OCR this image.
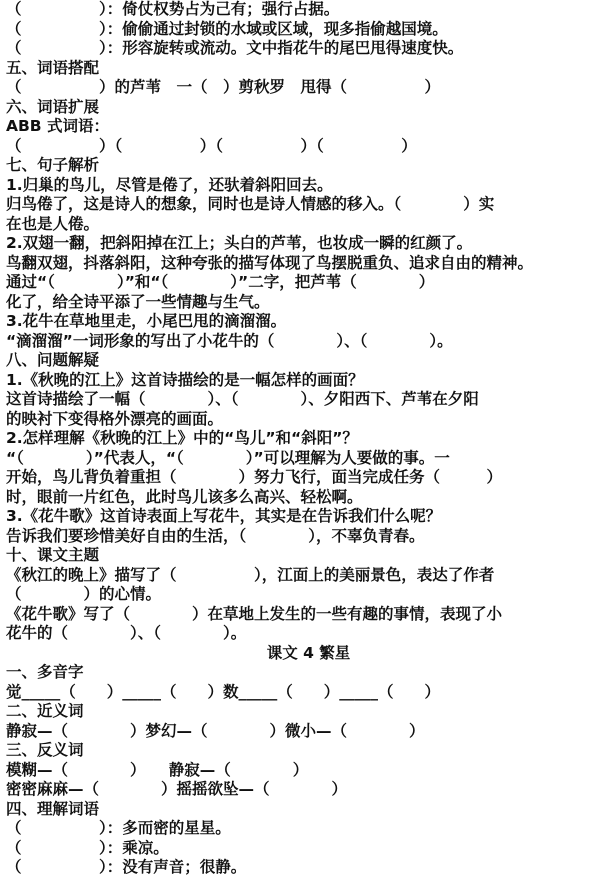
（　　　　　）：倚仗权势占为己有；强行占据。
（　　　　　）：偷偷通过封锁的水域或区域，现多指偷越国境。
（　　　　　）：形容旋转或流动。文中指花牛的尾巴甩得速度快。
五、词语搭配
（　　　　　）的芦苇　一（　）剪秋罗　甩得（　　　　　）
六、词语扩展
ABB 式词语：
（　　　　　）（　　　　　）（　　　　　）（　　　　　）
七、句子解析
1.归巢的鸟儿，尽管是倦了，还驮着斜阳回去。
归鸟倦了，这是诗人的想象，同时也是诗人情感的移入。（　　　　）实
在也是人倦。
2.双翅一翻，把斜阳掉在江上；头白的芦苇，也妆成一瞬的红颜了。
鸟翻双翅，抖落斜阳，这种夸张的描写体现了鸟摆脱重负、追求自由的精神。
通过“（　　　　）”和“（　　　　）”二字，把芦苇（　　　　）
化了，给全诗平添了一些情趣与生气。
3.花牛在草地里走，小尾巴甩的滴溜溜。
“滴溜溜”一词形象的写出了小花牛的（　　　　）、（　　　　）。
八、问题解疑
1.《秋晚的江上》这首诗描绘的是一幅怎样的画面？
这首诗描绘了一幅（　　　　）、（　　　　）、夕阳西下、芦苇在夕阳
的映衬下变得格外漂亮的画面。
2.怎样理解《秋晚的江上》中的“鸟儿”和“斜阳”？
“（　　　　）”代表人，“（　　　　）”可以理解为人要做的事。一
开始，鸟儿背负着重担（　　　　）努力飞行，面当完成任务（　　　）
时，眼前一片红色，此时鸟儿该多么高兴、轻松啊。
3.《花牛歌》这首诗表面上写花牛，其实是在告诉我们什么呢？
告诉我们要珍惜美好自由的生活，（　　　　），不辜负青春。
十、课文主题
《秋江的晚上》描写了（　　　　　），江面上的美丽景色，表达了作者
（　　　　）的心情。
《花牛歌》写了（　　　　）在草地上发生的一些有趣的事情，表现了小
花牛的（　　　　）、（　　　　）。
课文 4 繁星
一、多音字
觉_____（　　）_____（　　）数_____（　　）_____（　　）
二、近义词
静寂—（　　　　）梦幻—（　　　　）微小—（　　　　）
三、反义词
模糊—（　　　　）　　静寂—（　　　　）
密密麻麻—（　　　　）摇摇欲坠—（　　　　）
四、理解词语
（　　　　　）：多而密的星星。
（　　　　　）：乘凉。
（　　　　　）：没有声音；很静。
